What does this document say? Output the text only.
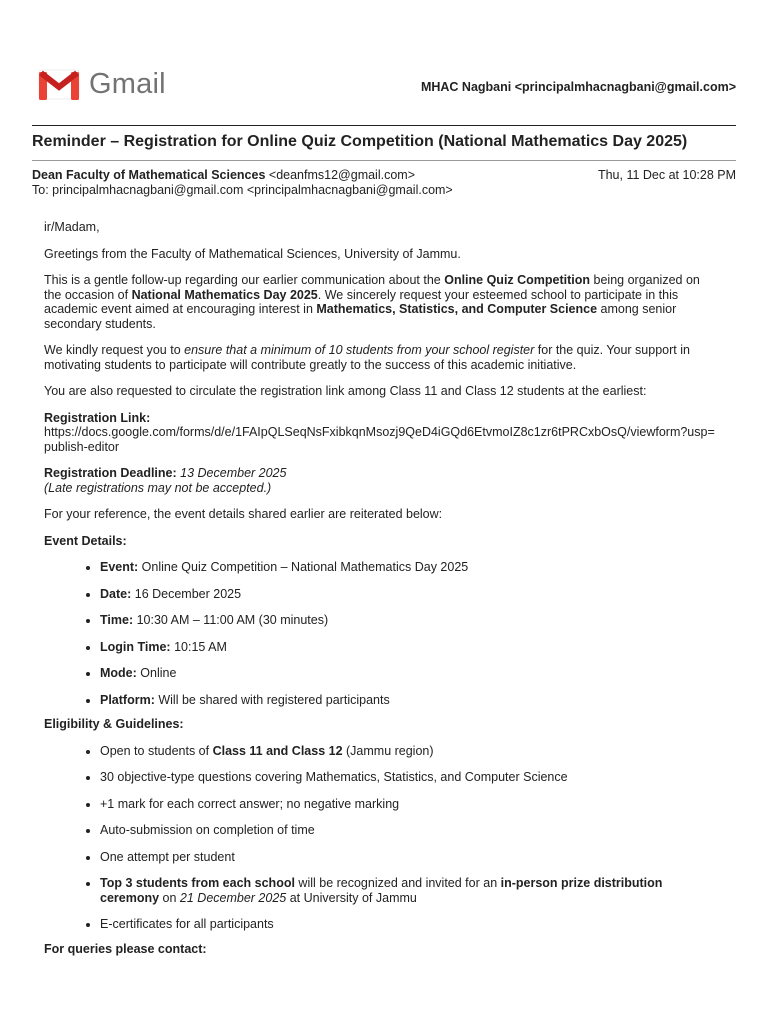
Gmail	MHAC Nagbani <principalmhacnagbani@gmail.com>
Reminder – Registration for Online Quiz Competition (National Mathematics Day 2025)
Dean Faculty of Mathematical Sciences <deanfms12@gmail.com>
To: principalmhacnagbani@gmail.com <principalmhacnagbani@gmail.com>
Thu, 11 Dec at 10:28 PM

ir/Madam,

Greetings from the Faculty of Mathematical Sciences, University of Jammu.

This is a gentle follow-up regarding our earlier communication about the Online Quiz Competition being organized on the occasion of National Mathematics Day 2025. We sincerely request your esteemed school to participate in this academic event aimed at encouraging interest in Mathematics, Statistics, and Computer Science among senior secondary students.

We kindly request you to ensure that a minimum of 10 students from your school register for the quiz. Your support in motivating students to participate will contribute greatly to the success of this academic initiative.

You are also requested to circulate the registration link among Class 11 and Class 12 students at the earliest:

Registration Link:
https://docs.google.com/forms/d/e/1FAIpQLSeqNsFxibkqnMsozj9QeD4iGQd6EtvmoIZ8c1zr6tPRCxbOsQ/viewform?usp=publish-editor

Registration Deadline: 13 December 2025
(Late registrations may not be accepted.)

For your reference, the event details shared earlier are reiterated below:

Event Details:

• Event: Online Quiz Competition – National Mathematics Day 2025
• Date: 16 December 2025
• Time: 10:30 AM – 11:00 AM (30 minutes)
• Login Time: 10:15 AM
• Mode: Online
• Platform: Will be shared with registered participants

Eligibility & Guidelines:

• Open to students of Class 11 and Class 12 (Jammu region)
• 30 objective-type questions covering Mathematics, Statistics, and Computer Science
• +1 mark for each correct answer; no negative marking
• Auto-submission on completion of time
• One attempt per student
• Top 3 students from each school will be recognized and invited for an in-person prize distribution ceremony on 21 December 2025 at University of Jammu
• E-certificates for all participants

For queries please contact:
